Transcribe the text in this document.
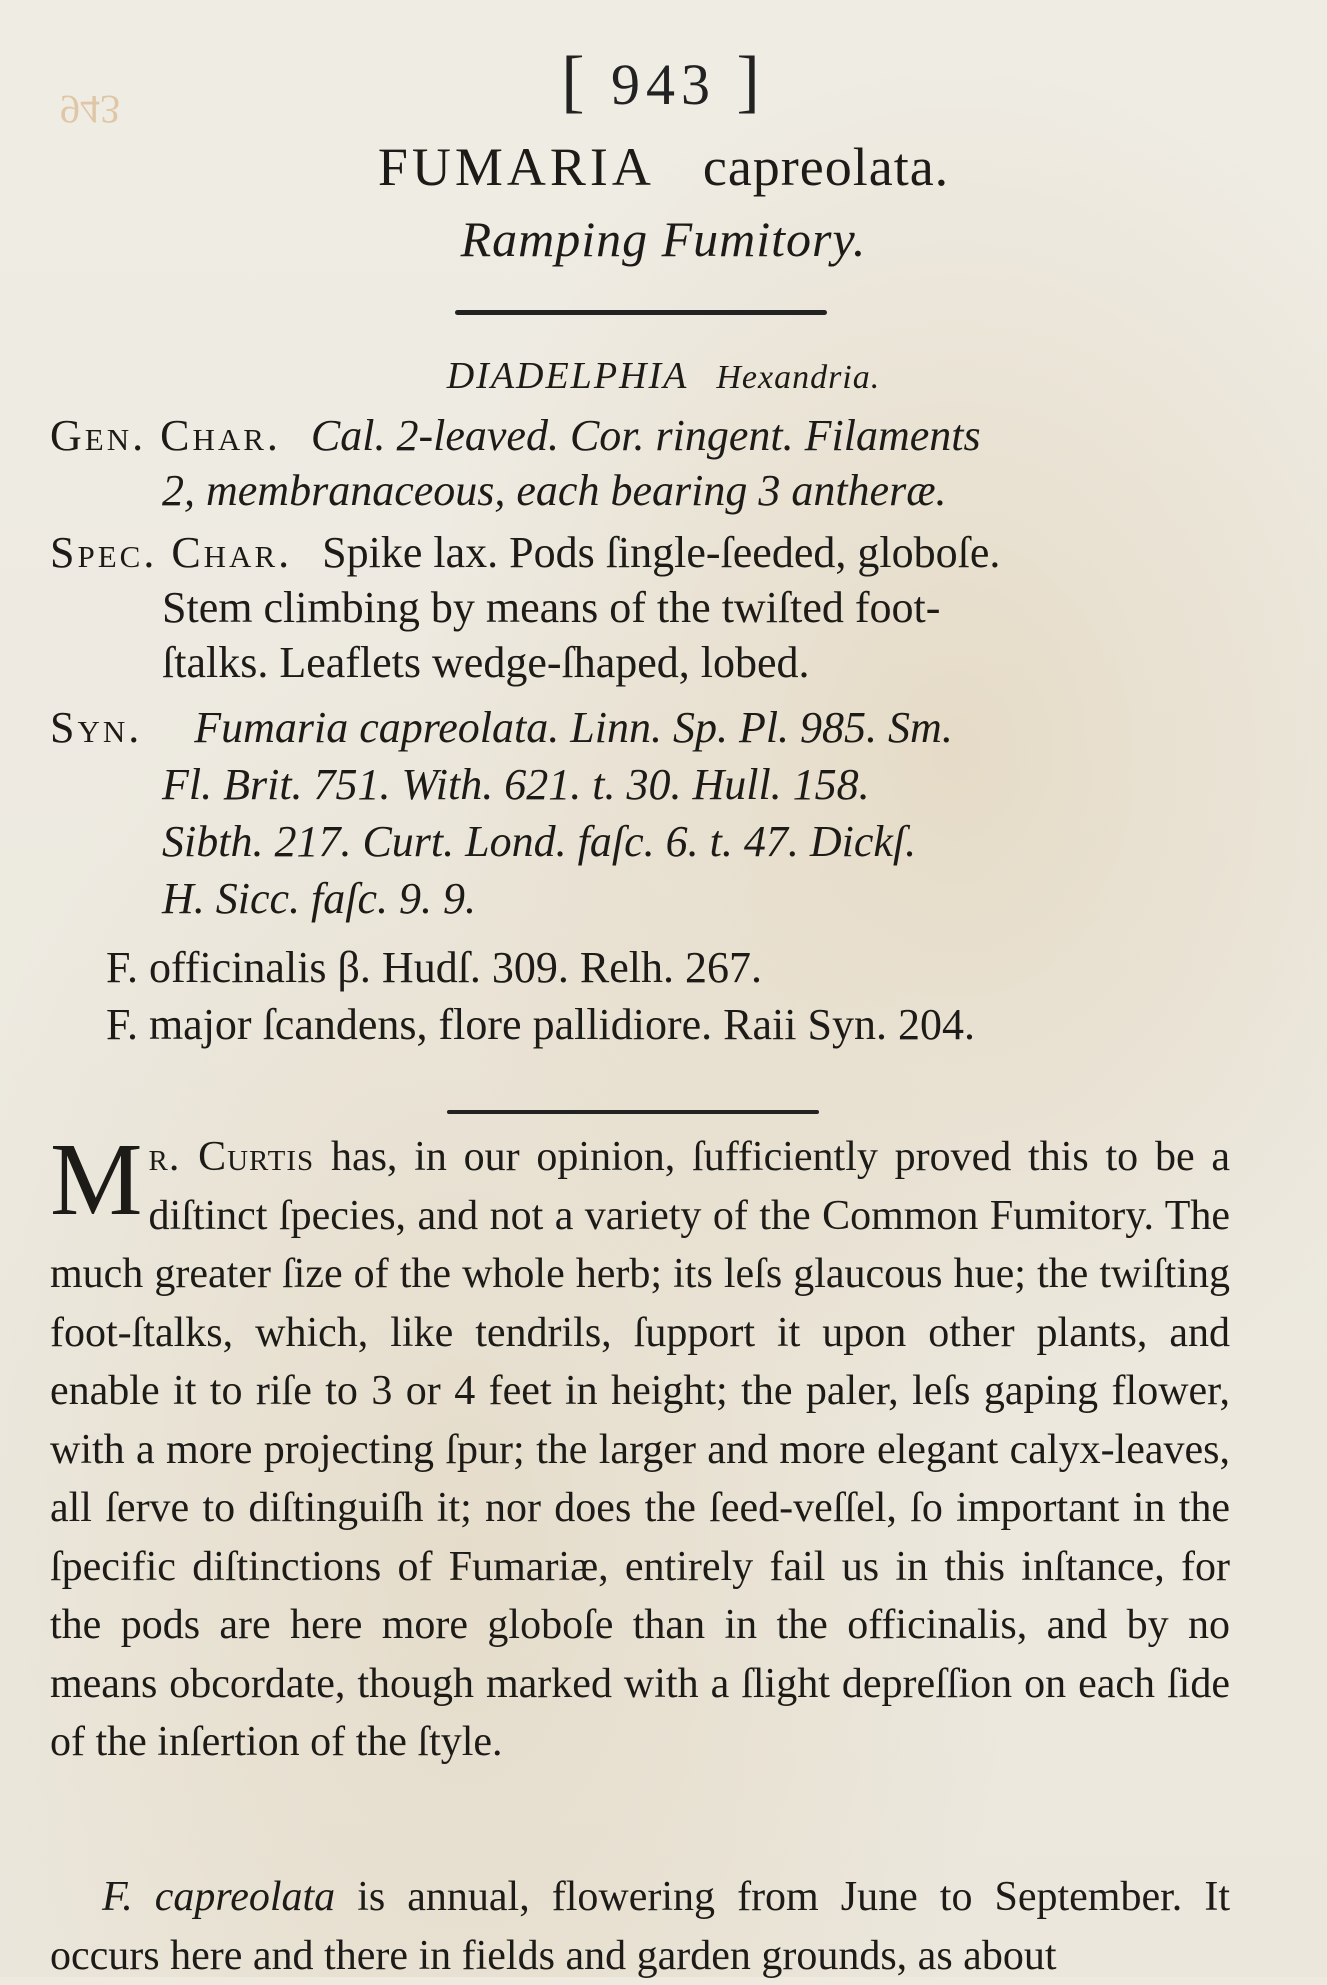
943	[ 943 ]
FUMARIA capreolata.
Ramping Fumitory.
DIADELPHIA Hexandria.
Gen. Char. Cal. 2-leaved. Cor. ringent. Filaments
2, membranaceous, each bearing 3 antheræ.
Spec. Char. Spike lax. Pods ſingle-ſeeded, globoſe.
Stem climbing by means of the twiſted foot-
ſtalks. Leaflets wedge-ſhaped, lobed.
Syn. Fumaria capreolata. Linn. Sp. Pl. 985. Sm.
Fl. Brit. 751. With. 621. t. 30. Hull. 158.
Sibth. 217. Curt. Lond. faſc. 6. t. 47. Dickſ.
H. Sicc. faſc. 9. 9.
F. officinalis β. Hudſ. 309. Relh. 267.
F. major ſcandens, flore pallidiore. Raii Syn. 204.
Mr. Curtis has, in our opinion, ſufficiently proved this to be a diſtinct ſpecies, and not a variety of the Common Fumitory. The much greater ſize of the whole herb; its leſs glaucous hue; the twiſting foot-ſtalks, which, like tendrils, ſupport it upon other plants, and enable it to riſe to 3 or 4 feet in height; the paler, leſs gaping flower, with a more projecting ſpur; the larger and more elegant calyx-leaves, all ſerve to diſtinguiſh it; nor does the ſeed-veſſel, ſo important in the ſpecific diſtinctions of Fumariæ, entirely fail us in this inſtance, for the pods are here more globoſe than in the officinalis, and by no means obcordate, though marked with a ſlight depreſſion on each ſide of the inſertion of the ſtyle.
F. capreolata is annual, flowering from June to September. It occurs here and there in fields and garden grounds, as about
